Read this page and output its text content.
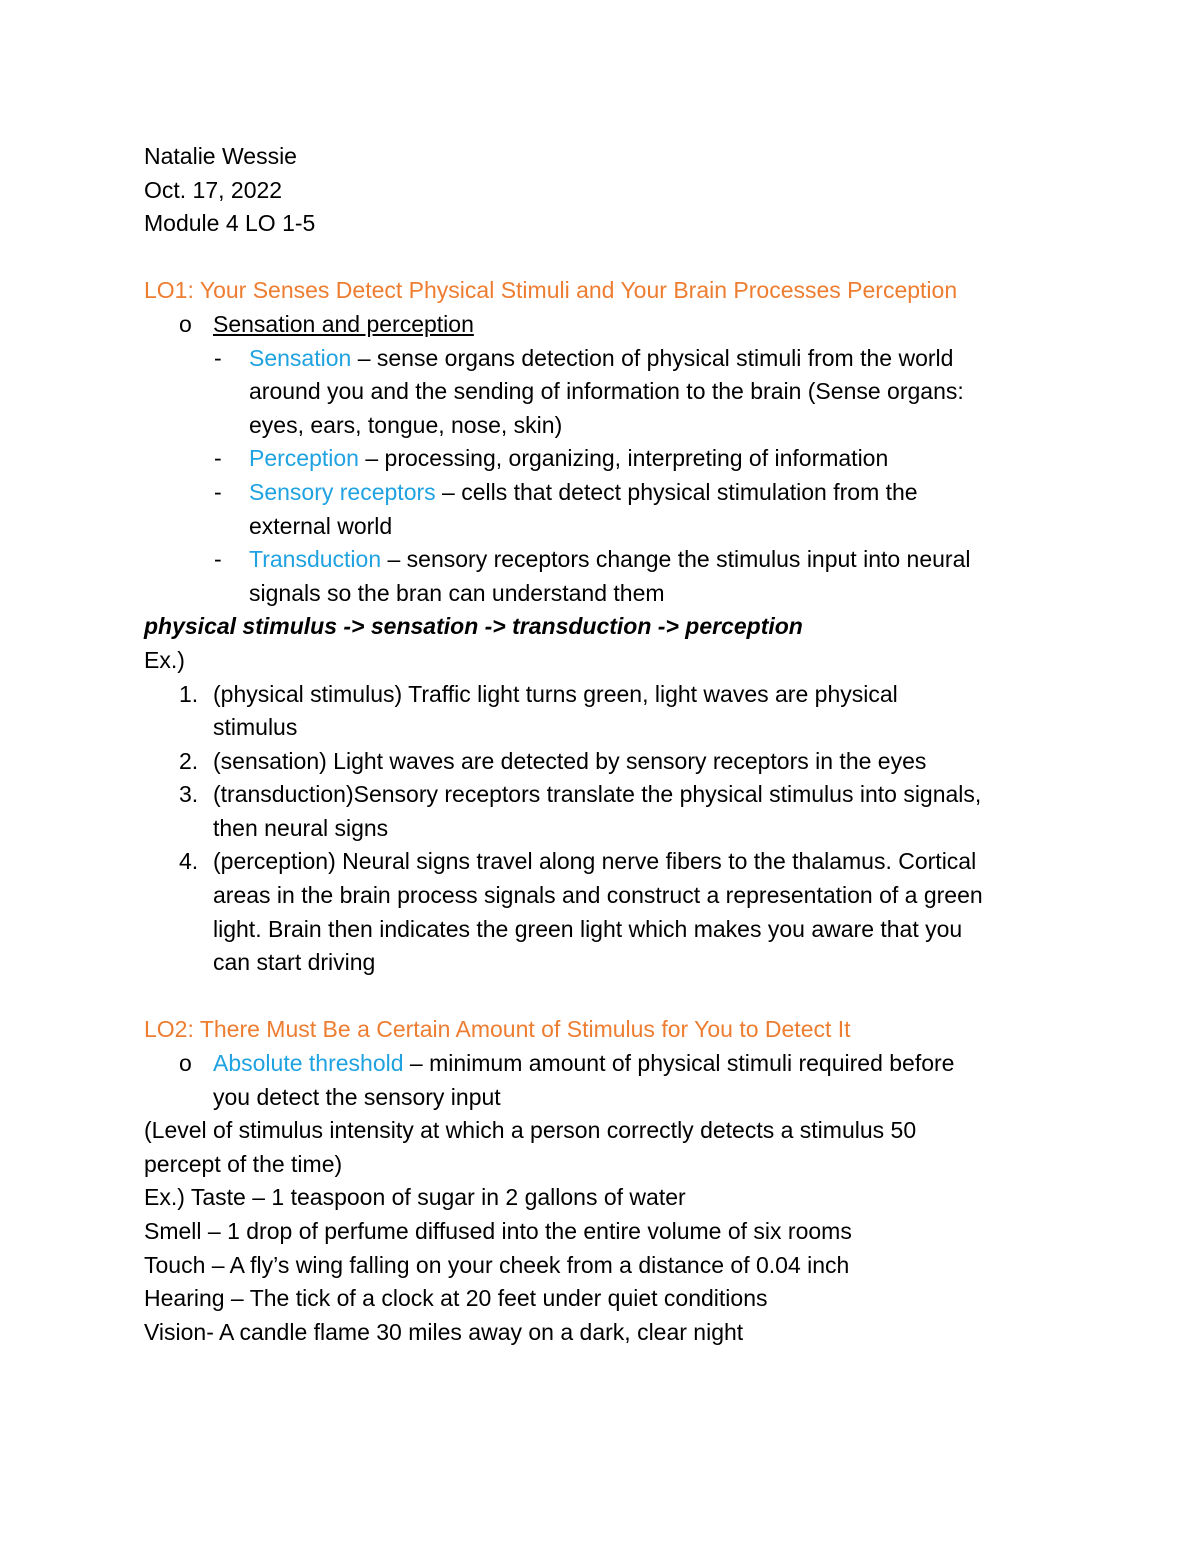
Natalie Wessie
Oct. 17, 2022
Module 4 LO 1-5
LO1: Your Senses Detect Physical Stimuli and Your Brain Processes Perception
o Sensation and perception
- Sensation – sense organs detection of physical stimuli from the world
around you and the sending of information to the brain (Sense organs:
eyes, ears, tongue, nose, skin)
- Perception – processing, organizing, interpreting of information
- Sensory receptors – cells that detect physical stimulation from the
external world
- Transduction – sensory receptors change the stimulus input into neural
signals so the bran can understand them
physical stimulus -> sensation -> transduction -> perception
Ex.)
1. (physical stimulus) Traffic light turns green, light waves are physical
stimulus
2. (sensation) Light waves are detected by sensory receptors in the eyes
3. (transduction)Sensory receptors translate the physical stimulus into signals,
then neural signs
4. (perception) Neural signs travel along nerve fibers to the thalamus. Cortical
areas in the brain process signals and construct a representation of a green
light. Brain then indicates the green light which makes you aware that you
can start driving
LO2: There Must Be a Certain Amount of Stimulus for You to Detect It
o Absolute threshold – minimum amount of physical stimuli required before
you detect the sensory input
(Level of stimulus intensity at which a person correctly detects a stimulus 50
percept of the time)
Ex.) Taste – 1 teaspoon of sugar in 2 gallons of water
Smell – 1 drop of perfume diffused into the entire volume of six rooms
Touch – A fly’s wing falling on your cheek from a distance of 0.04 inch
Hearing – The tick of a clock at 20 feet under quiet conditions
Vision- A candle flame 30 miles away on a dark, clear night
